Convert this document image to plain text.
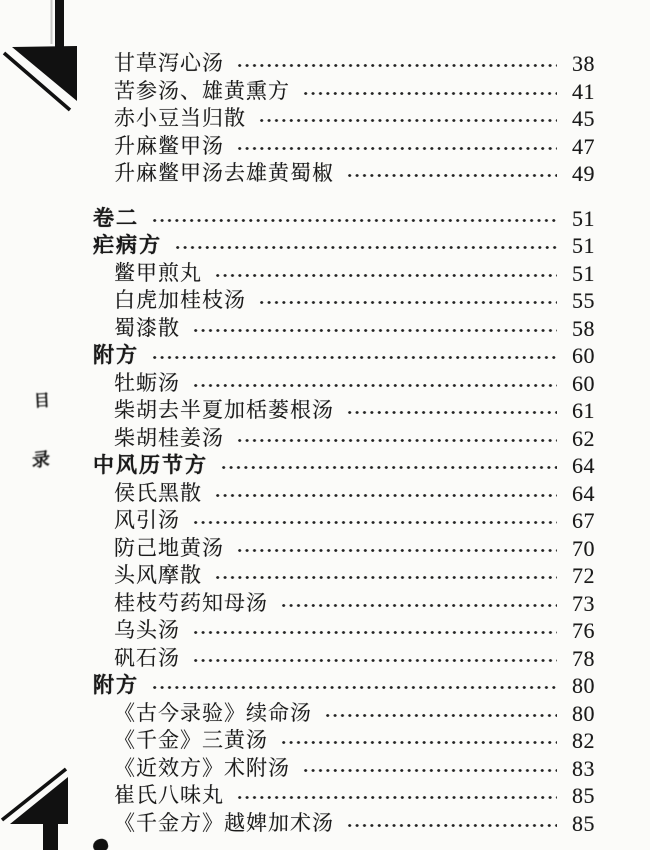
目
录
甘草泻心汤	38
苦参汤、雄黄熏方	41
赤小豆当归散	45
升麻鳖甲汤	47
升麻鳖甲汤去雄黄蜀椒	49
卷二	51
疟病方	51
鳖甲煎丸	51
白虎加桂枝汤	55
蜀漆散	58
附方	60
牡蛎汤	60
柴胡去半夏加栝蒌根汤	61
柴胡桂姜汤	62
中风历节方	64
侯氏黑散	64
风引汤	67
防己地黄汤	70
头风摩散	72
桂枝芍药知母汤	73
乌头汤	76
矾石汤	78
附方	80
《古今录验》续命汤	80
《千金》三黄汤	82
《近效方》术附汤	83
崔氏八味丸	85
《千金方》越婢加术汤	85
